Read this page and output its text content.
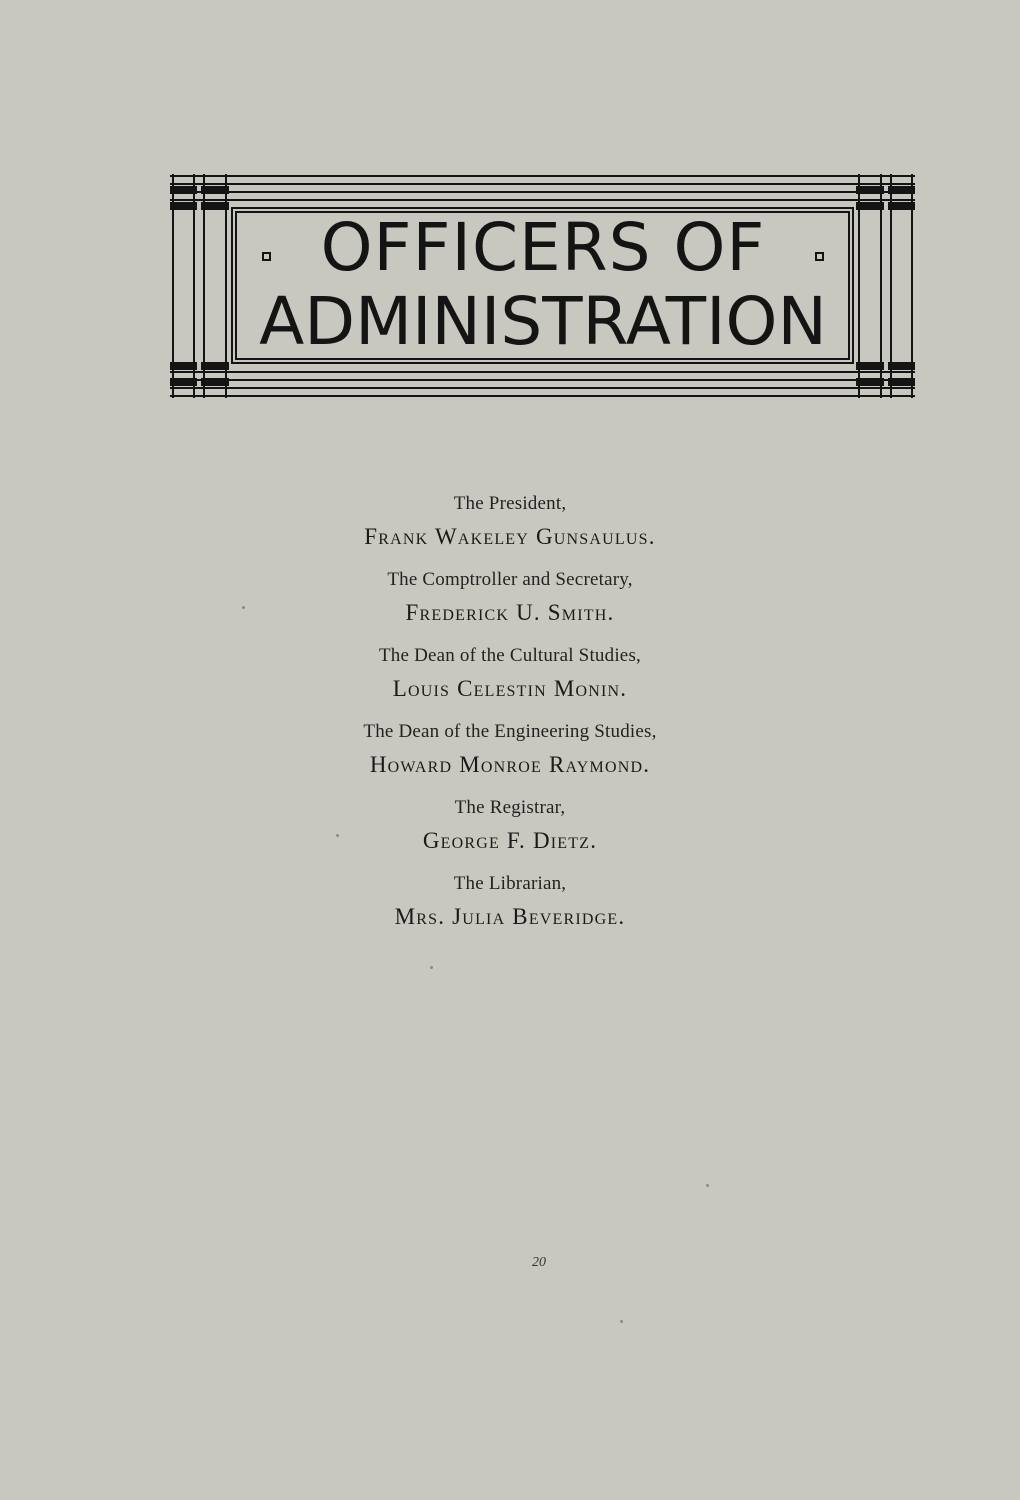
OFFICERS OF
ADMINISTRATION
The President,
Frank Wakeley Gunsaulus.
The Comptroller and Secretary,
Frederick U. Smith.
The Dean of the Cultural Studies,
Louis Celestin Monin.
The Dean of the Engineering Studies,
Howard Monroe Raymond.
The Registrar,
George F. Dietz.
The Librarian,
Mrs. Julia Beveridge.
20
